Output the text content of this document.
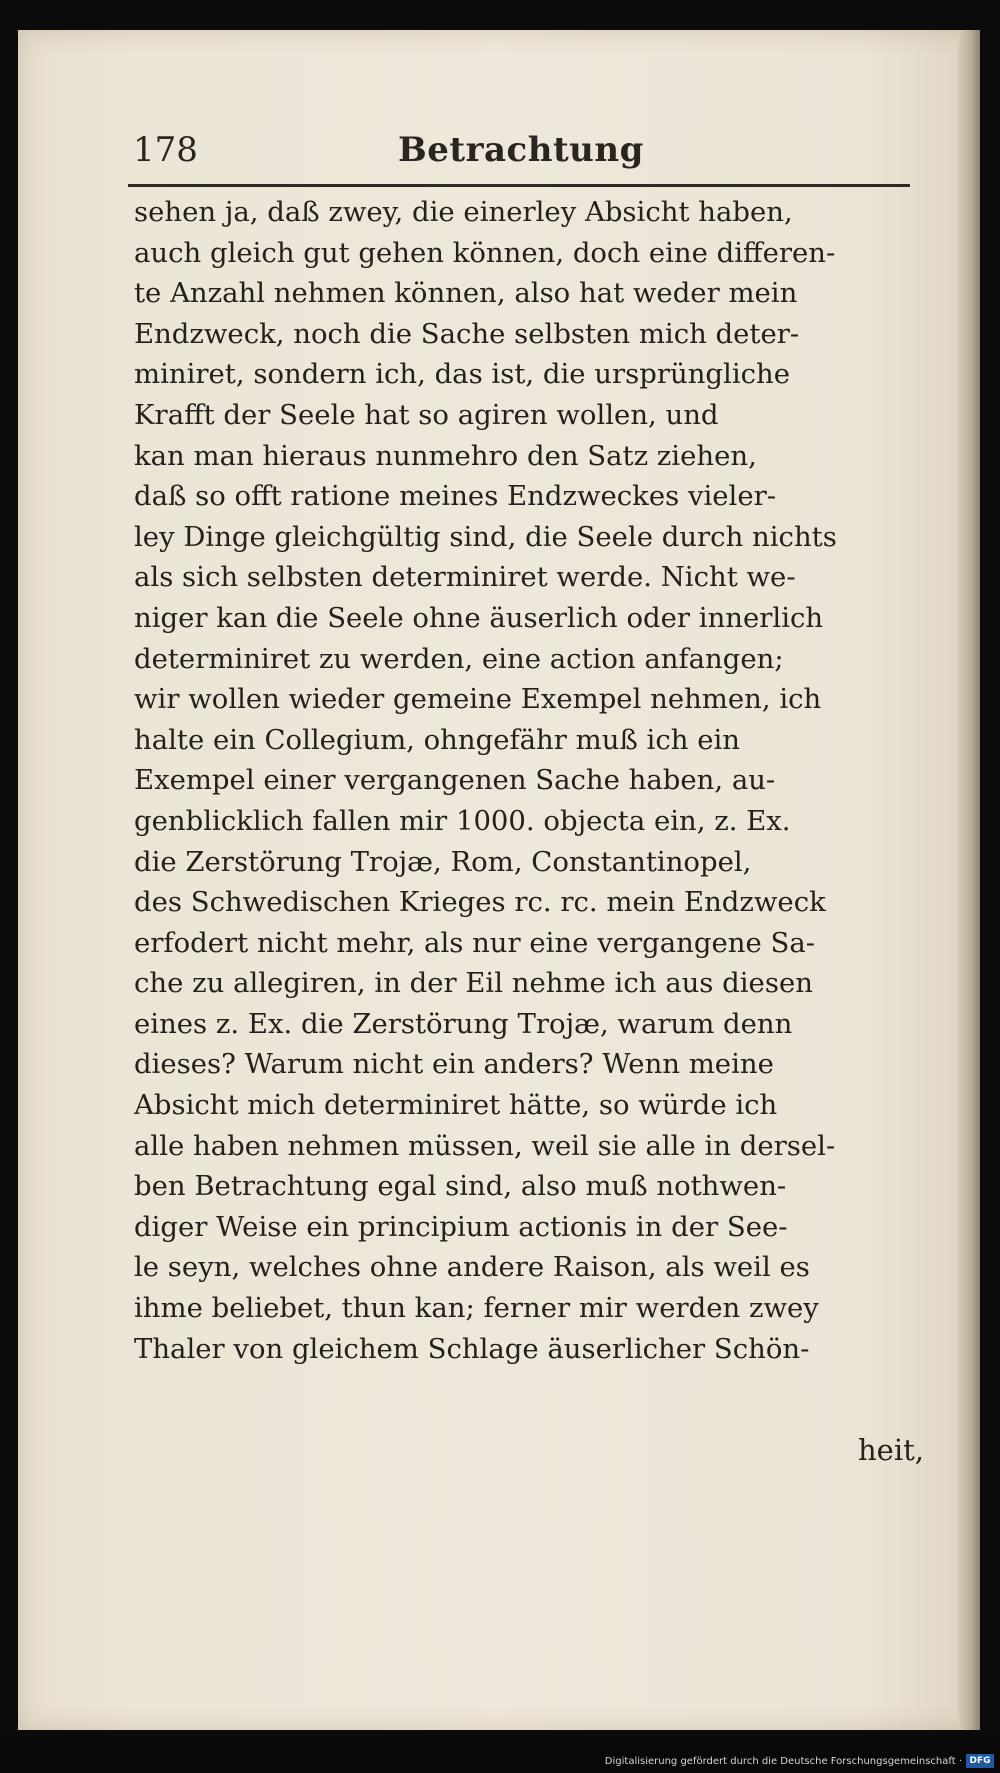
178	Betrachtung
sehen ja, daß zwey, die einerley Absicht haben,
auch gleich gut gehen können, doch eine differen-
te Anzahl nehmen können, also hat weder mein
Endzweck, noch die Sache selbsten mich deter-
miniret, sondern ich, das ist, die ursprüngliche
Krafft der Seele hat so agiren wollen, und
kan man hieraus nunmehro den Satz ziehen,
daß so offt ratione meines Endzweckes vieler-
ley Dinge gleichgültig sind, die Seele durch nichts
als sich selbsten determiniret werde. Nicht we-
niger kan die Seele ohne äuserlich oder innerlich
determiniret zu werden, eine action anfangen;
wir wollen wieder gemeine Exempel nehmen, ich
halte ein Collegium, ohngefähr muß ich ein
Exempel einer vergangenen Sache haben, au-
genblicklich fallen mir 1000. objecta ein, z. Ex.
die Zerstörung Trojæ, Rom, Constantinopel,
des Schwedischen Krieges rc. rc. mein Endzweck
erfodert nicht mehr, als nur eine vergangene Sa-
che zu allegiren, in der Eil nehme ich aus diesen
eines z. Ex. die Zerstörung Trojæ, warum denn
dieses? Warum nicht ein anders? Wenn meine
Absicht mich determiniret hätte, so würde ich
alle haben nehmen müssen, weil sie alle in dersel-
ben Betrachtung egal sind, also muß nothwen-
diger Weise ein principium actionis in der See-
le seyn, welches ohne andere Raison, als weil es
ihme beliebet, thun kan; ferner mir werden zwey
Thaler von gleichem Schlage äuserlicher Schön-
heit,
Digitalisierung gefördert durch die Deutsche Forschungsgemeinschaft · DFG
